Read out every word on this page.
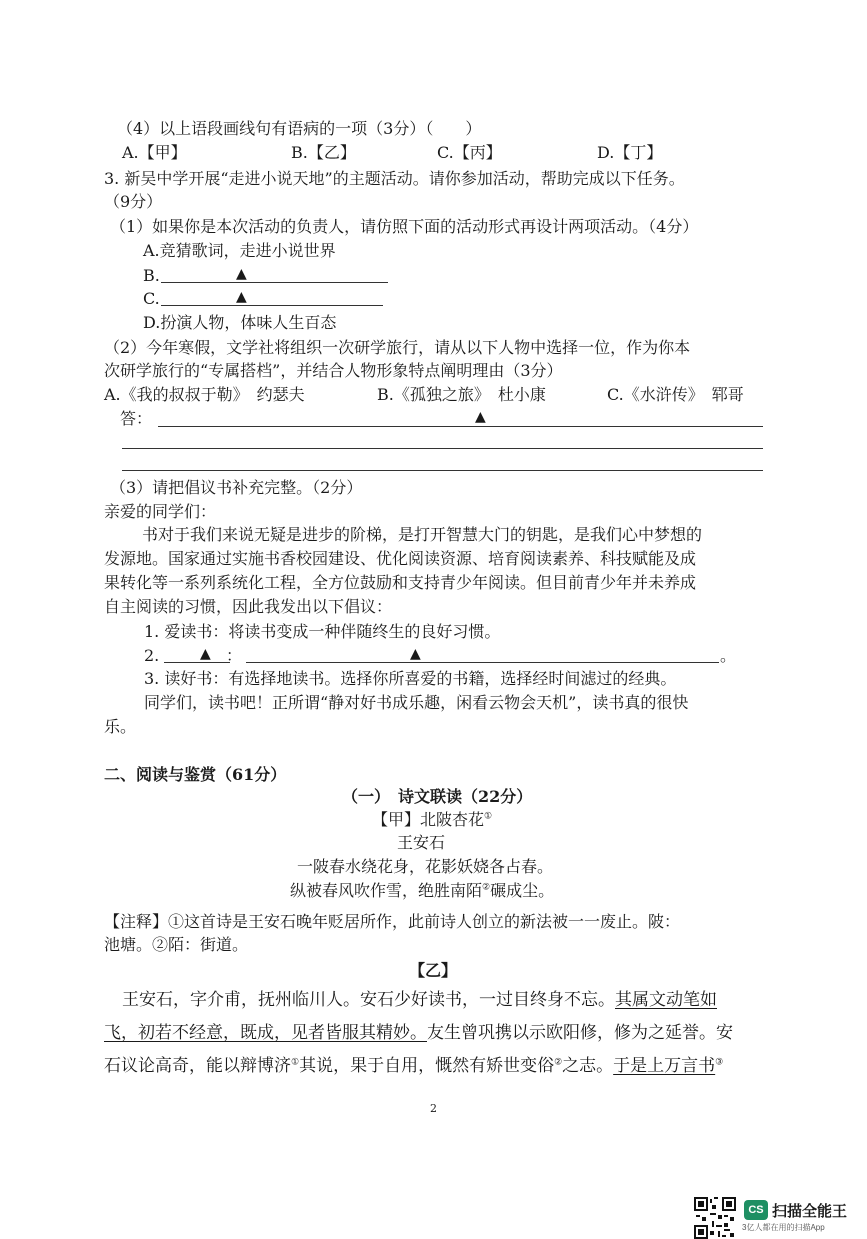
（4）以上语段画线句有语病的一项（3分）（　　）
A.【甲】	B.【乙】	C.【丙】	D.【丁】
3. 新吴中学开展“走进小说天地”的主题活动。请你参加活动，帮助完成以下任务。
（9分）
（1）如果你是本次活动的负责人，请仿照下面的活动形式再设计两项活动。（4分）
A.竞猜歌词，走进小说世界
B.	▲
C.	▲
D.扮演人物，体味人生百态
（2）今年寒假，文学社将组织一次研学旅行，请从以下人物中选择一位，作为你本
次研学旅行的“专属搭档”，并结合人物形象特点阐明理由（3分）
A.《我的叔叔于勒》　约瑟夫	B.《孤独之旅》　杜小康	C.《水浒传》　郓哥
答：	▲
（3）请把倡议书补充完整。（2分）
亲爱的同学们：
书对于我们来说无疑是进步的阶梯，是打开智慧大门的钥匙，是我们心中梦想的
发源地。国家通过实施书香校园建设、优化阅读资源、培育阅读素养、科技赋能及成
果转化等一系列系统化工程，全方位鼓励和支持青少年阅读。但目前青少年并未养成
自主阅读的习惯，因此我发出以下倡议：
1. 爱读书：将读书变成一种伴随终生的良好习惯。
2.	▲ ：	▲	。
3. 读好书：有选择地读书。选择你所喜爱的书籍，选择经时间滤过的经典。
同学们，读书吧！正所谓“静对好书成乐趣，闲看云物会天机”，读书真的很快
乐。
二、阅读与鉴赏（61分）
（一）　诗文联读（22分）
【甲】北陂杏花①
王安石
一陂春水绕花身，花影妖娆各占春。
纵被春风吹作雪，绝胜南陌②碾成尘。
【注释】①这首诗是王安石晚年贬居所作，此前诗人创立的新法被一一废止。陂：
池塘。②陌：街道。
【乙】
王安石，字介甫，抚州临川人。安石少好读书，一过目终身不忘。其属文动笔如
飞，初若不经意，既成，见者皆服其精妙。友生曾巩携以示欧阳修，修为之延誉。安
石议论高奇，能以辩博济①其说，果于自用，慨然有矫世变俗②之志。于是上万言书③
2
CS 扫描全能王
3亿人都在用的扫描App
